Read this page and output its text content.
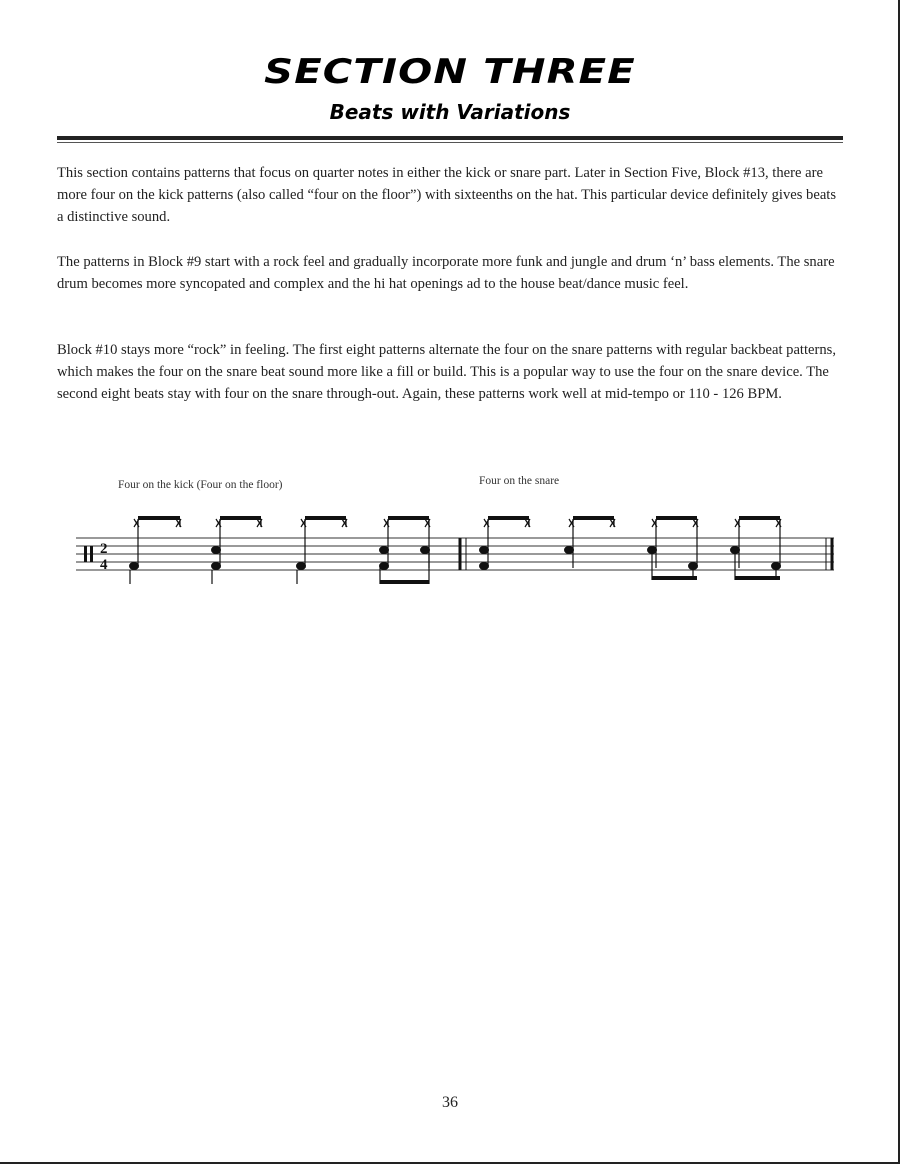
SECTION THREE
Beats with Variations

This section contains patterns that focus on quarter notes in either the kick or snare part. Later in Section Five, Block #13, there are more four on the kick patterns (also called “four on the floor”) with sixteenths on the hat. This particular device definitely gives beats a distinctive sound.

The patterns in Block #9 start with a rock feel and gradually incorporate more funk and jungle and drum ‘n’ bass elements. The snare drum becomes more syncopated and complex and the hi hat openings ad to the house beat/dance music feel.

Block #10 stays more “rock” in feeling. The first eight patterns alternate the four on the snare patterns with regular backbeat patterns, which makes the four on the snare beat sound more like a fill or build. This is a popular way to use the four on the snare device. The second eight beats stay with four on the snare through-out. Again, these patterns work well at mid-tempo or 110 - 126 BPM.

Four on the kick (Four on the floor)	Four on the snare
2
4
36
